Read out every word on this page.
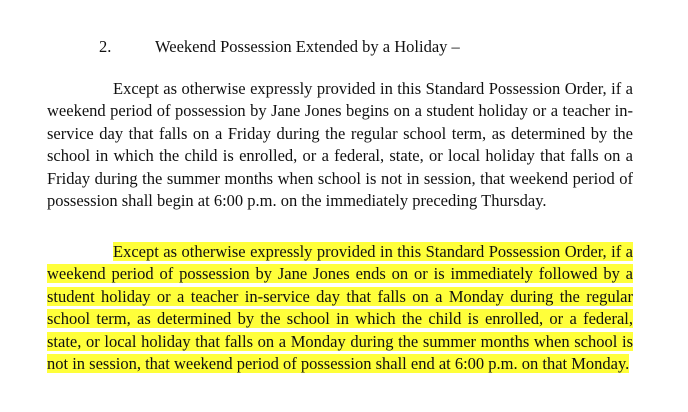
2.	Weekend Possession Extended by a Holiday –

Except as otherwise expressly provided in this Standard Possession Order, if a weekend period of possession by Jane Jones begins on a student holiday or a teacher in-service day that falls on a Friday during the regular school term, as determined by the school in which the child is enrolled, or a federal, state, or local holiday that falls on a Friday during the summer months when school is not in session, that weekend period of possession shall begin at 6:00 p.m. on the immediately preceding Thursday.

Except as otherwise expressly provided in this Standard Possession Order, if a weekend period of possession by Jane Jones ends on or is immediately followed by a student holiday or a teacher in-service day that falls on a Monday during the regular school term, as determined by the school in which the child is enrolled, or a federal, state, or local holiday that falls on a Monday during the summer months when school is not in session, that weekend period of possession shall end at 6:00 p.m. on that Monday.
